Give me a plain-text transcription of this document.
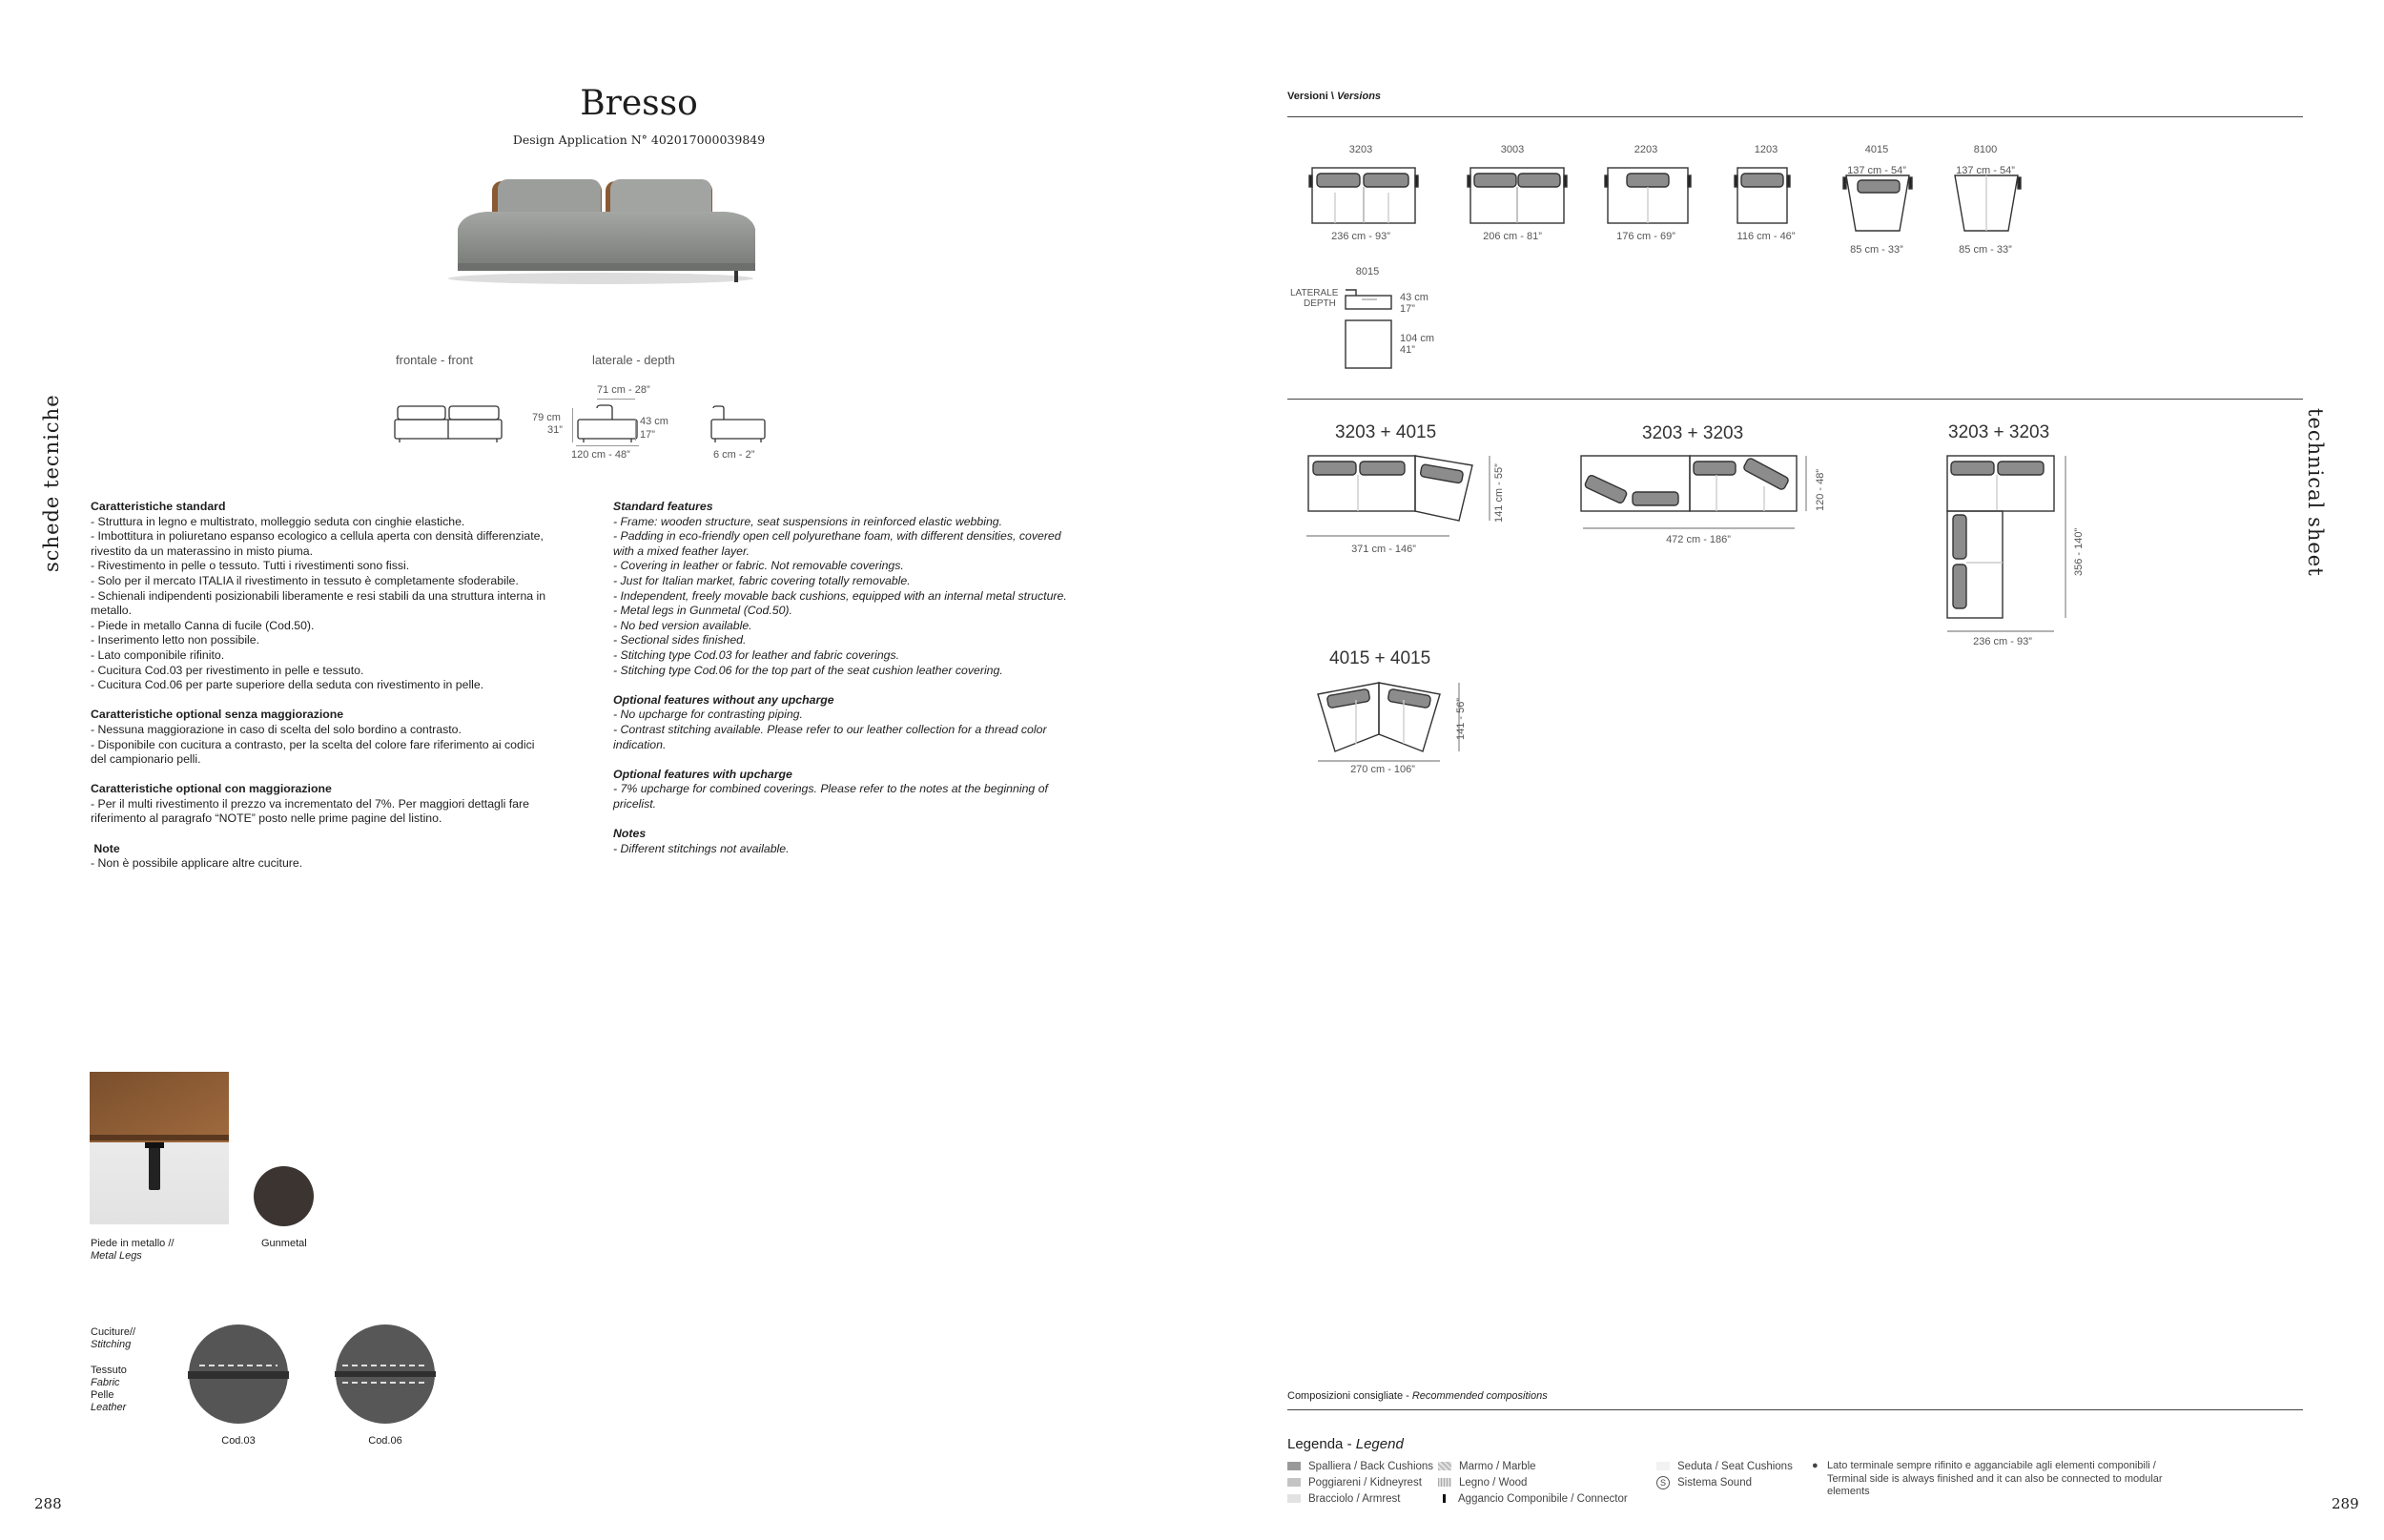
schede tecniche
Bresso
Design Application N° 402017000039849
frontale - front	laterale - depth
71 cm - 28”
79 cm
31”
43 cm
17”
120 cm - 48”	6 cm - 2”

Caratteristiche standard

- Struttura in legno e multistrato, molleggio seduta con cinghie elastiche.

- Imbottitura in poliuretano espanso ecologico a cellula aperta con densità differenziate,

rivestito da un materassino in misto piuma.

- Rivestimento in pelle o tessuto. Tutti i rivestimenti sono fissi.

- Solo per il mercato ITALIA il rivestimento in tessuto è completamente sfoderabile.

- Schienali indipendenti posizionabili liberamente e resi stabili da una struttura interna in

metallo.

- Piede in metallo Canna di fucile (Cod.50).

- Inserimento letto non possibile.

- Lato componibile rifinito.

- Cucitura Cod.03 per rivestimento in pelle e tessuto.

- Cucitura Cod.06 per parte superiore della seduta con rivestimento in pelle.

Caratteristiche optional senza maggiorazione

- Nessuna maggiorazione in caso di scelta del solo bordino a contrasto.

- Disponibile con cucitura a contrasto, per la scelta del colore fare riferimento ai codici

del campionario pelli.

Caratteristiche optional con maggiorazione

- Per il multi rivestimento il prezzo va incrementato del 7%. Per maggiori dettagli fare

riferimento al paragrafo “NOTE” posto nelle prime pagine del listino.

Note

- Non è possibile applicare altre cuciture.

Standard features

- Frame: wooden structure, seat suspensions in reinforced elastic webbing.

- Padding in eco-friendly open cell polyurethane foam, with different densities, covered

with a mixed feather layer.

- Covering in leather or fabric. Not removable coverings.

- Just for Italian market, fabric covering totally removable.

- Independent, freely movable back cushions, equipped with an internal metal structure.

- Metal legs in Gunmetal (Cod.50).

- No bed version available.

- Sectional sides finished.

- Stitching type Cod.03 for leather and fabric coverings.

- Stitching type Cod.06 for the top part of the seat cushion leather covering.

Optional features without any upcharge

- No upcharge for contrasting piping.

- Contrast stitching available. Please refer to our leather collection for a thread color

indication.

Optional features with upcharge

- 7% upcharge for combined coverings. Please refer to the notes at the beginning of

pricelist.

Notes

- Different stitchings not available.

Piede in metallo //
Metal Legs
Gunmetal
Cuciture//
Stitching
Tessuto
Fabric
Pelle
Leather
Cod.03	Cod.06
288
Versioni \ Versions
technical sheet
3203	3003	2203	1203	4015	8100
137 cm - 54”	137 cm - 54”
236 cm - 93”	206 cm - 81”	176 cm - 69”	116 cm - 46”
85 cm - 33”	85 cm - 33”
8015
LATERALE
DEPTH
43 cm
17”
104 cm
41”
3203 + 4015	3203 + 3203	3203 + 3203
4015 + 4015
371 cm - 146”
472 cm - 186”
236 cm - 93”
270 cm - 106”
141 cm - 55”	120 - 48”
356 - 140”
141 - 56”
Composizioni consigliate - Recommended compositions
Legenda - Legend
Spalliera / Back Cushions
Poggiareni / Kidneyrest
Bracciolo / Armrest
Marmo / Marble
Legno / Wood
Aggancio Componibile / Connector
Seduta / Seat Cushions
S	Sistema Sound
● Lato terminale sempre rifinito e agganciabile agli elementi componibili /
Terminal side is always finished and it can also be connected to modular
elements
289
